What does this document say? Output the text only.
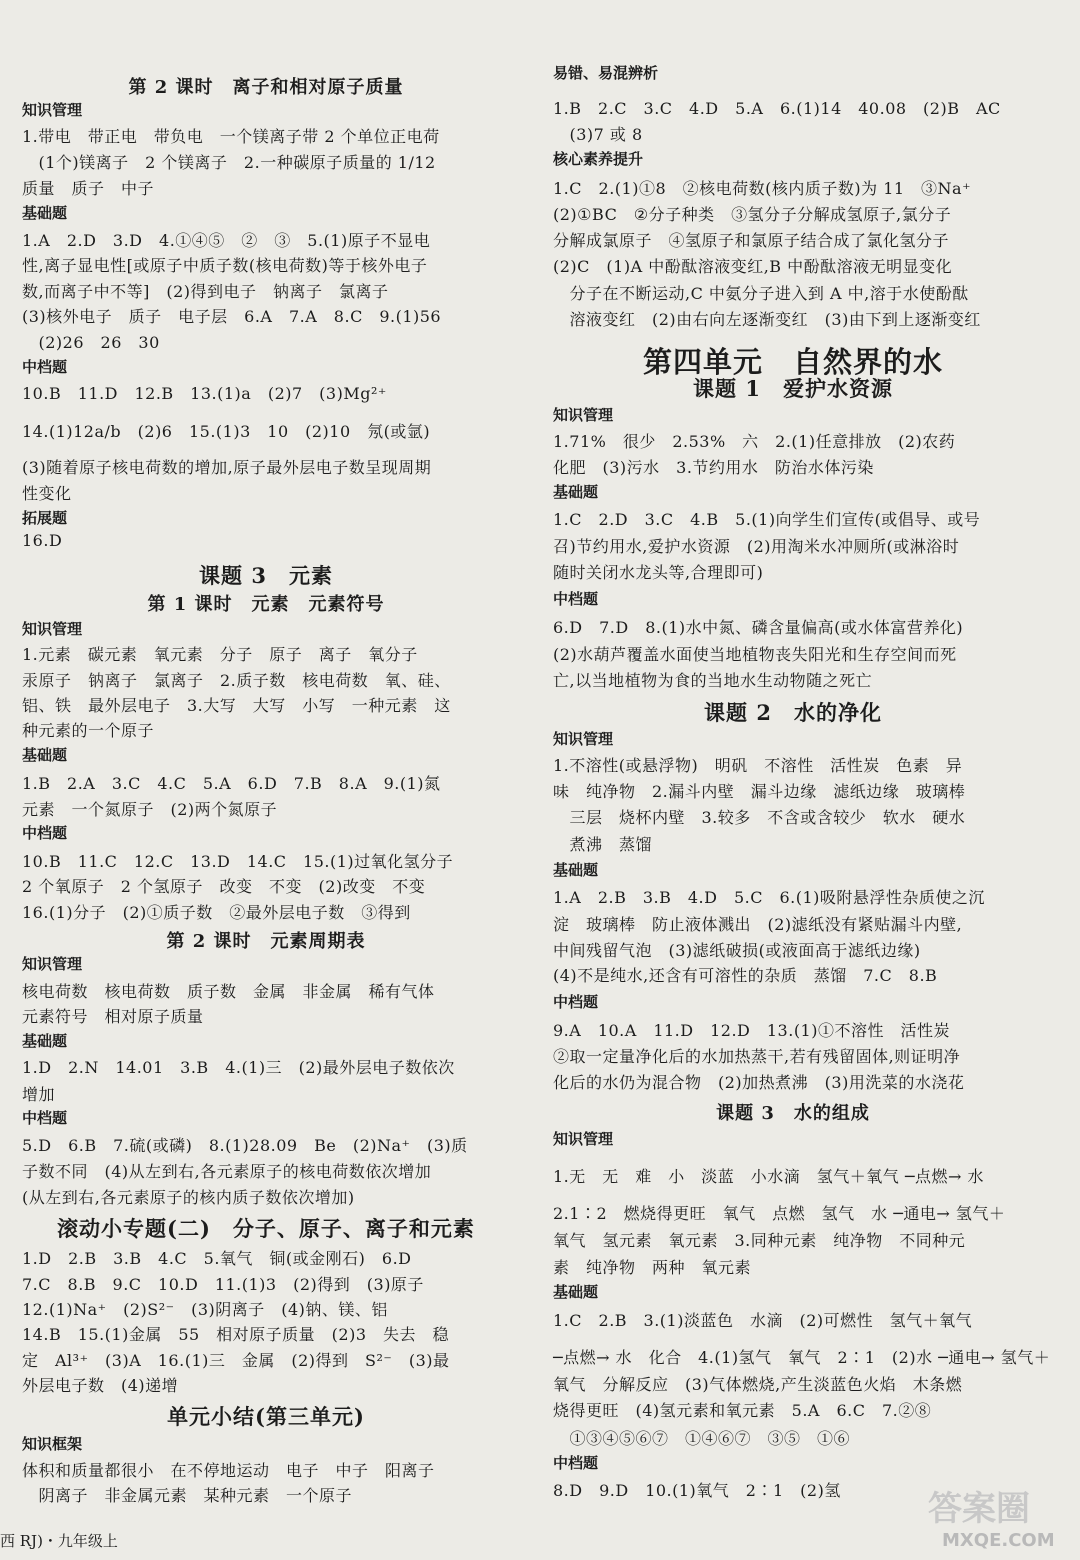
第 2 课时　离子和相对原子质量
知识管理
1.带电　带正电　带负电　一个镁离子带 2 个单位正电荷
　(1个)镁离子　2 个镁离子　2.一种碳原子质量的 1/12
质量　质子　中子
基础题
1.A　2.D　3.D　4.①④⑤　②　③　5.(1)原子不显电
性,离子显电性[或原子中质子数(核电荷数)等于核外电子
数,而离子中不等]　(2)得到电子　钠离子　氯离子
(3)核外电子　质子　电子层　6.A　7.A　8.C　9.(1)56
　(2)26　26　30
中档题
10.B　11.D　12.B　13.(1)a　(2)7　(3)Mg²⁺
14.(1)12a/b　(2)6　15.(1)3　10　(2)10　氖(或氩)
(3)随着原子核电荷数的增加,原子最外层电子数呈现周期
性变化
拓展题
16.D
课题 3　元素
第 1 课时　元素　元素符号
知识管理
1.元素　碳元素　氧元素　分子　原子　离子　氧分子
汞原子　钠离子　氯离子　2.质子数　核电荷数　氧、硅、
铝、铁　最外层电子　3.大写　大写　小写　一种元素　这
种元素的一个原子
基础题
1.B　2.A　3.C　4.C　5.A　6.D　7.B　8.A　9.(1)氮
元素　一个氮原子　(2)两个氮原子
中档题
10.B　11.C　12.C　13.D　14.C　15.(1)过氧化氢分子
2 个氧原子　2 个氢原子　改变　不变　(2)改变　不变
16.(1)分子　(2)①质子数　②最外层电子数　③得到
第 2 课时　元素周期表
知识管理
核电荷数　核电荷数　质子数　金属　非金属　稀有气体
元素符号　相对原子质量
基础题
1.D　2.N　14.01　3.B　4.(1)三　(2)最外层电子数依次
增加
中档题
5.D　6.B　7.硫(或磷)　8.(1)28.09　Be　(2)Na⁺　(3)质
子数不同　(4)从左到右,各元素原子的核电荷数依次增加
(从左到右,各元素原子的核内质子数依次增加)
滚动小专题(二)　分子、原子、离子和元素
1.D　2.B　3.B　4.C　5.氧气　铜(或金刚石)　6.D
7.C　8.B　9.C　10.D　11.(1)3　(2)得到　(3)原子
12.(1)Na⁺　(2)S²⁻　(3)阴离子　(4)钠、镁、铝
14.B　15.(1)金属　55　相对原子质量　(2)3　失去　稳
定　Al³⁺　(3)A　16.(1)三　金属　(2)得到　S²⁻　(3)最
外层电子数　(4)递增
单元小结(第三单元)
知识框架
体积和质量都很小　在不停地运动　电子　中子　阳离子
　阴离子　非金属元素　某种元素　一个原子
易错、易混辨析
1.B　2.C　3.C　4.D　5.A　6.(1)14　40.08　(2)B　AC
　(3)7 或 8
核心素养提升
1.C　2.(1)①8　②核电荷数(核内质子数)为 11　③Na⁺
(2)①BC　②分子种类　③氢分子分解成氢原子,氯分子
分解成氯原子　④氢原子和氯原子结合成了氯化氢分子
(2)C　(1)A 中酚酞溶液变红,B 中酚酞溶液无明显变化
　分子在不断运动,C 中氨分子进入到 A 中,溶于水使酚酞
　溶液变红　(2)由右向左逐渐变红　(3)由下到上逐渐变红
第四单元　自然界的水
课题 1　爱护水资源
知识管理
1.71%　很少　2.53%　六　2.(1)任意排放　(2)农药
化肥　(3)污水　3.节约用水　防治水体污染
基础题
1.C　2.D　3.C　4.B　5.(1)向学生们宣传(或倡导、或号
召)节约用水,爱护水资源　(2)用淘米水冲厕所(或淋浴时
随时关闭水龙头等,合理即可)
中档题
6.D　7.D　8.(1)水中氮、磷含量偏高(或水体富营养化)
(2)水葫芦覆盖水面使当地植物丧失阳光和生存空间而死
亡,以当地植物为食的当地水生动物随之死亡
课题 2　水的净化
知识管理
1.不溶性(或悬浮物)　明矾　不溶性　活性炭　色素　异
味　纯净物　2.漏斗内壁　漏斗边缘　滤纸边缘　玻璃棒
　三层　烧杯内壁　3.较多　不含或含较少　软水　硬水
　煮沸　蒸馏
基础题
1.A　2.B　3.B　4.D　5.C　6.(1)吸附悬浮性杂质使之沉
淀　玻璃棒　防止液体溅出　(2)滤纸没有紧贴漏斗内壁,
中间残留气泡　(3)滤纸破损(或液面高于滤纸边缘)
(4)不是纯水,还含有可溶性的杂质　蒸馏　7.C　8.B
中档题
9.A　10.A　11.D　12.D　13.(1)①不溶性　活性炭
②取一定量净化后的水加热蒸干,若有残留固体,则证明净
化后的水仍为混合物　(2)加热煮沸　(3)用洗菜的水浇花
课题 3　水的组成
知识管理
1.无　无　难　小　淡蓝　小水滴　氢气＋氧气 ─点燃→ 水
2.1∶2　燃烧得更旺　氧气　点燃　氢气　水 ─通电→ 氢气＋
氧气　氢元素　氧元素　3.同种元素　纯净物　不同种元
素　纯净物　两种　氧元素
基础题
1.C　2.B　3.(1)淡蓝色　水滴　(2)可燃性　氢气＋氧气
─点燃→ 水　化合　4.(1)氢气　氧气　2∶1　(2)水 ─通电→ 氢气＋
氧气　分解反应　(3)气体燃烧,产生淡蓝色火焰　木条燃
烧得更旺　(4)氢元素和氧元素　5.A　6.C　7.②⑧
　①③④⑤⑥⑦　①④⑥⑦　③⑤　①⑥
中档题
8.D　9.D　10.(1)氧气　2∶1　(2)氢
西 RJ)・九年级上
答案圈
MXQE.COM
